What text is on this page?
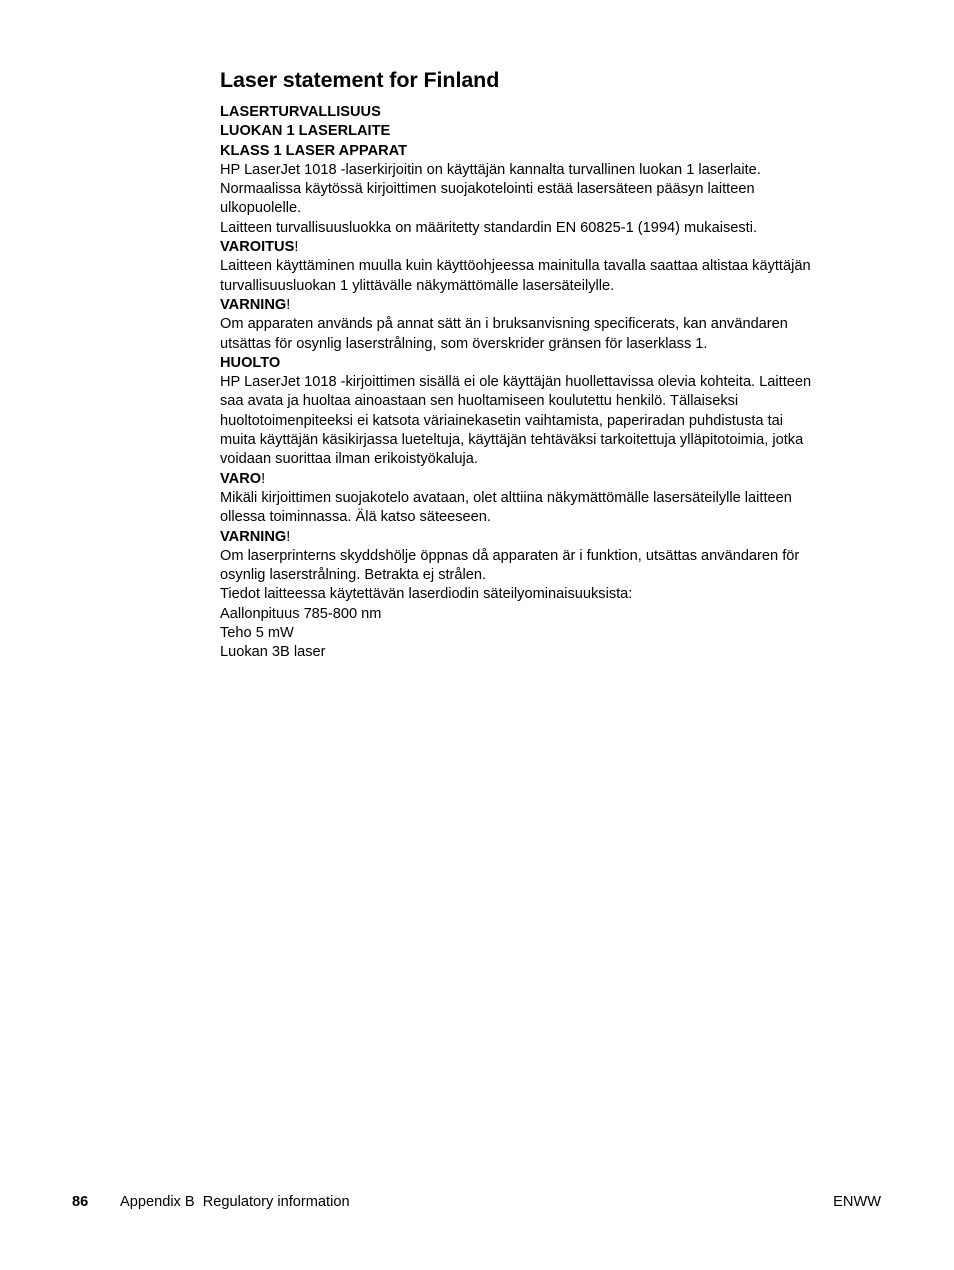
Laser statement for Finland
LASERTURVALLISUUS
LUOKAN 1 LASERLAITE
KLASS 1 LASER APPARAT
HP LaserJet 1018 -laserkirjoitin on käyttäjän kannalta turvallinen luokan 1 laserlaite.
Normaalissa käytössä kirjoittimen suojakotelointi estää lasersäteen pääsyn laitteen
ulkopuolelle.
Laitteen turvallisuusluokka on määritetty standardin EN 60825-1 (1994) mukaisesti.
VAROITUS!
Laitteen käyttäminen muulla kuin käyttöohjeessa mainitulla tavalla saattaa altistaa käyttäjän
turvallisuusluokan 1 ylittävälle näkymättömälle lasersäteilylle.
VARNING!
Om apparaten används på annat sätt än i bruksanvisning specificerats, kan användaren
utsättas för osynlig laserstrålning, som överskrider gränsen för laserklass 1.
HUOLTO
HP LaserJet 1018 -kirjoittimen sisällä ei ole käyttäjän huollettavissa olevia kohteita. Laitteen
saa avata ja huoltaa ainoastaan sen huoltamiseen koulutettu henkilö. Tällaiseksi
huoltotoimenpiteeksi ei katsota väriainekasetin vaihtamista, paperiradan puhdistusta tai
muita käyttäjän käsikirjassa lueteltuja, käyttäjän tehtäväksi tarkoitettuja ylläpitotoimia, jotka
voidaan suorittaa ilman erikoistyökaluja.
VARO!
Mikäli kirjoittimen suojakotelo avataan, olet alttiina näkymättömälle lasersäteilylle laitteen
ollessa toiminnassa. Älä katso säteeseen.
VARNING!
Om laserprinterns skyddshölje öppnas då apparaten är i funktion, utsättas användaren för
osynlig laserstrålning. Betrakta ej strålen.
Tiedot laitteessa käytettävän laserdiodin säteilyominaisuuksista:
Aallonpituus 785-800 nm
Teho 5 mW
Luokan 3B laser
86 Appendix B  Regulatory information	ENWW
